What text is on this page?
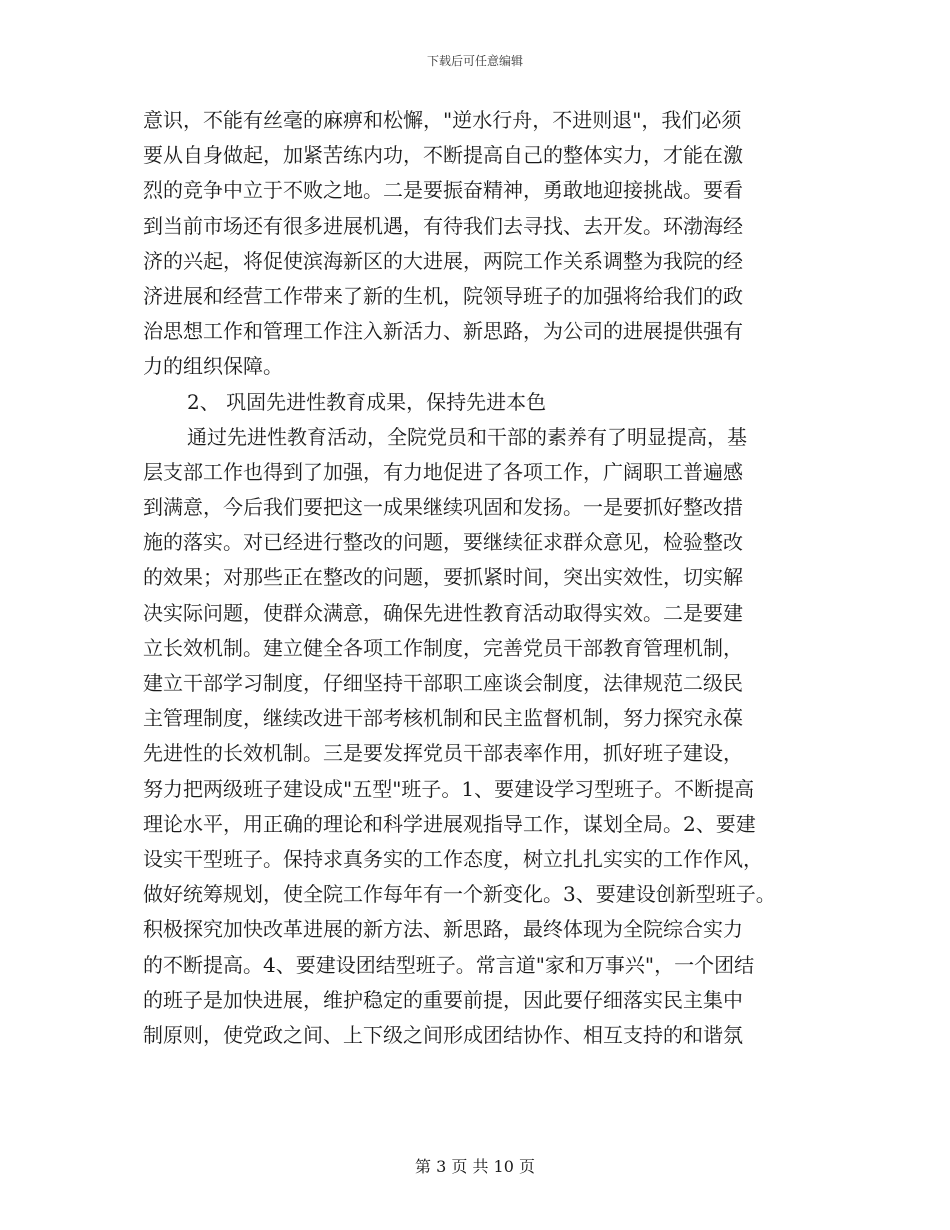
下载后可任意编辑
意识，不能有丝毫的麻痹和松懈，"逆水行舟，不进则退"，我们必须
要从自身做起，加紧苦练内功，不断提高自己的整体实力，才能在激
烈的竞争中立于不败之地。二是要振奋精神，勇敢地迎接挑战。要看
到当前市场还有很多进展机遇，有待我们去寻找、去开发。环渤海经
济的兴起，将促使滨海新区的大进展，两院工作关系调整为我院的经
济进展和经营工作带来了新的生机，院领导班子的加强将给我们的政
治思想工作和管理工作注入新活力、新思路，为公司的进展提供强有
力的组织保障。
2、 巩固先进性教育成果，保持先进本色
通过先进性教育活动，全院党员和干部的素养有了明显提高，基
层支部工作也得到了加强，有力地促进了各项工作，广阔职工普遍感
到满意，今后我们要把这一成果继续巩固和发扬。一是要抓好整改措
施的落实。对已经进行整改的问题，要继续征求群众意见，检验整改
的效果；对那些正在整改的问题，要抓紧时间，突出实效性，切实解
决实际问题，使群众满意，确保先进性教育活动取得实效。二是要建
立长效机制。建立健全各项工作制度，完善党员干部教育管理机制，
建立干部学习制度，仔细坚持干部职工座谈会制度，法律规范二级民
主管理制度，继续改进干部考核机制和民主监督机制，努力探究永葆
先进性的长效机制。三是要发挥党员干部表率作用，抓好班子建设，
努力把两级班子建设成"五型"班子。1、要建设学习型班子。不断提高
理论水平，用正确的理论和科学进展观指导工作，谋划全局。2、要建
设实干型班子。保持求真务实的工作态度，树立扎扎实实的工作作风，
做好统筹规划，使全院工作每年有一个新变化。3、要建设创新型班子。
积极探究加快改革进展的新方法、新思路，最终体现为全院综合实力
的不断提高。4、要建设团结型班子。常言道"家和万事兴"，一个团结
的班子是加快进展，维护稳定的重要前提，因此要仔细落实民主集中
制原则，使党政之间、上下级之间形成团结协作、相互支持的和谐氛
第 3 页 共 10 页
